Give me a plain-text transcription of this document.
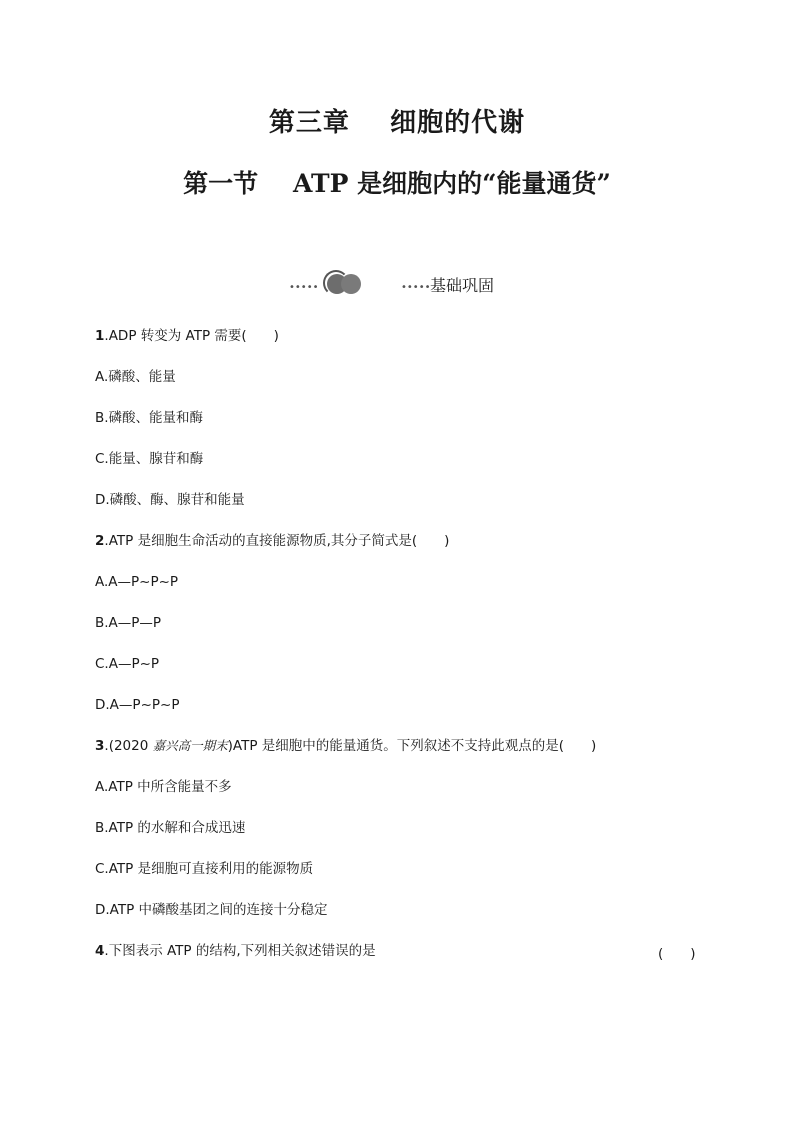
第三章    细胞的代谢
第一节    ATP 是细胞内的“能量通货”
•••••	••••• 基础巩固
1.ADP 转变为 ATP 需要(　　)
A.磷酸、能量
B.磷酸、能量和酶
C.能量、腺苷和酶
D.磷酸、酶、腺苷和能量
2.ATP 是细胞生命活动的直接能源物质,其分子简式是(　　)
A.A—P~P~P
B.A—P—P
C.A—P~P
D.A—P~P~P
3.(2020 嘉兴高一期末)ATP 是细胞中的能量通货。下列叙述不支持此观点的是(　　)
A.ATP 中所含能量不多
B.ATP 的水解和合成迅速
C.ATP 是细胞可直接利用的能源物质
D.ATP 中磷酸基团之间的连接十分稳定
4.下图表示 ATP 的结构,下列相关叙述错误的是	(　　)
